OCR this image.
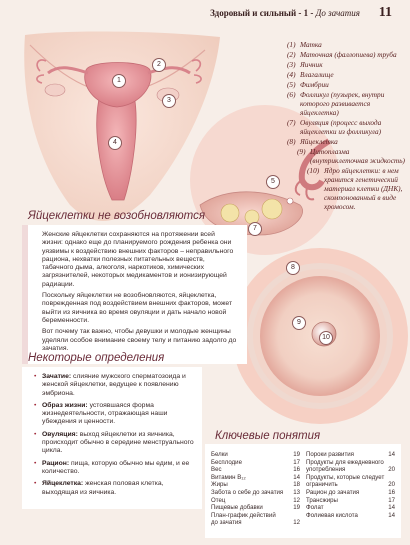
Здоровый и сильный - 1 - До зачатия 11
1
2
3
4
5
7
8
9
10
(1) Матка
(2) Маточная (фаллопиева) труба
(3) Яичник
(4) Влагалище
(5) Фимбрии
(6) Фолликул (пузырек, внутри которого развивается яйцеклетка)
(7) Овуляция (процесс выхода яйцеклетки из фолликула)
(8) Яйцеклетка
(9) Цитоплазма (внутриклеточная жидкость)
(10) Ядро яйцеклетки: в нем хранится генетический материал клетки (ДНК), скомпонованный в виде хромосом.
Яйцеклетки не возобновляются

Женские яйцеклетки сохраняются на протяжении всей жизни: однако еще до планируемого рождения ребенка они уязвимы к воздействию внешних факторов – неправильного рациона, нехватки полезных питательных веществ, табачного дыма, алкоголя, наркотиков, химических загрязнителей, некоторых медикаментов и ионизирующей радиации.

Поскольку яйцеклетки не возобновляются, яйцеклетка, поврежденная под воздействием внешних факторов, может выйти из яичника во время овуляции и дать начало новой беременности.

Вот почему так важно, чтобы девушки и молодые женщины уделяли особое внимание своему телу и питанию задолго до зачатия.

Некоторые определения
• Зачатие: слияние мужского сперматозоида и женской яйцеклетки, ведущее к появлению эмбриона.
• Образ жизни: устоявшаяся форма жизнедеятельности, отражающая наши убеждения и ценности.
• Овуляция: выход яйцеклетки из яичника, происходит обычно в середине менструального цикла.
• Рацион: пища, которую обычно мы едим, и ее количество.
• Яйцеклетка: женская половая клетка, выходящая из яичника.
Ключевые понятия
Белки	19
Бесплодие	17
Вес	16
Витамин B₁₂	14
Жиры	18
Забота о себе до зачатия	13
Отец	12
Пищевые добавки	19
План-график действий
до зачатия	12
Пороки развития	14
Продукты для ежедневного
употребления	20
Продукты, которые следует
ограничить	20
Рацион до зачатия	16
Трансжиры	17
Фолат	14
Фолиевая кислота	14
